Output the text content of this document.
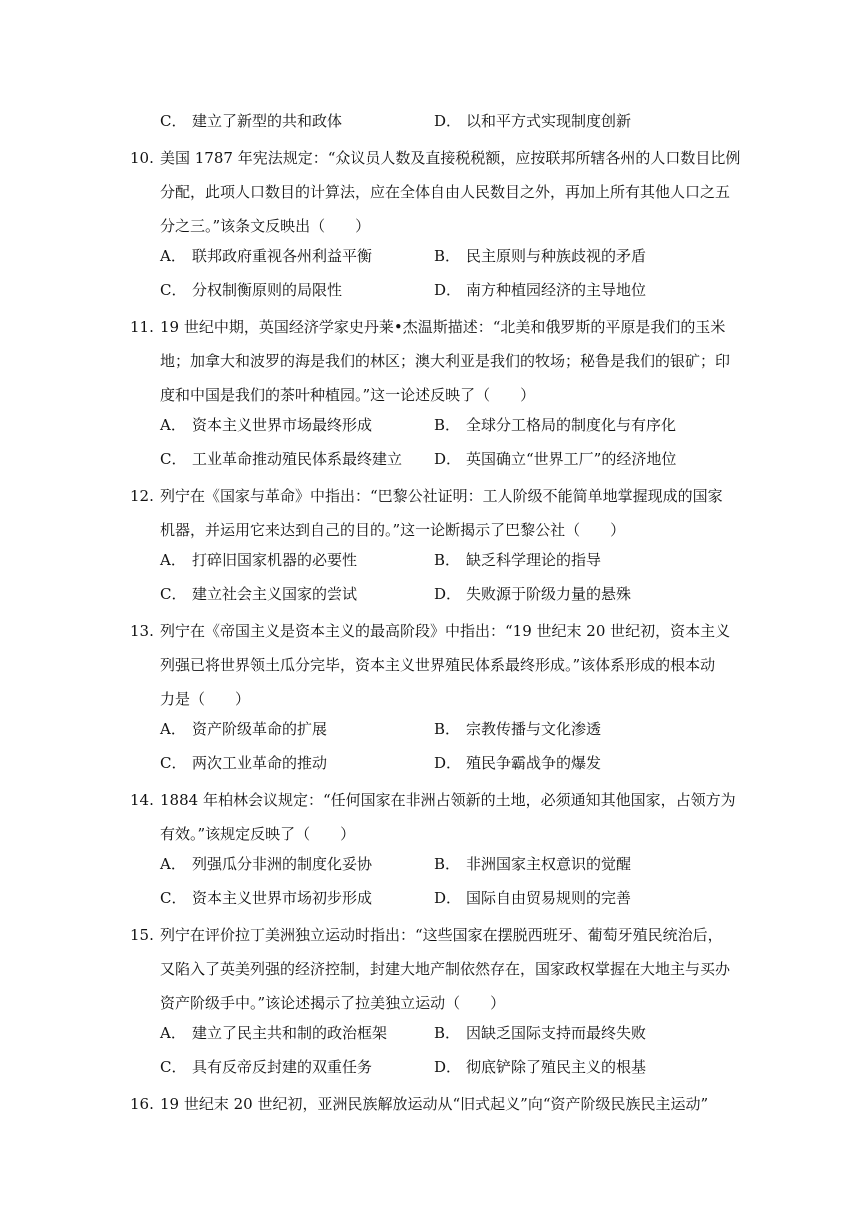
C． 建立了新型的共和政体	D． 以和平方式实现制度创新
10. 美国 1787 年宪法规定：“众议员人数及直接税税额，应按联邦所辖各州的人口数目比例
分配，此项人口数目的计算法，应在全体自由人民数目之外，再加上所有其他人口之五
分之三。”该条文反映出（　　）
A． 联邦政府重视各州利益平衡	B． 民主原则与种族歧视的矛盾
C． 分权制衡原则的局限性	D． 南方种植园经济的主导地位
11. 19 世纪中期，英国经济学家史丹莱•杰温斯描述：“北美和俄罗斯的平原是我们的玉米
地；加拿大和波罗的海是我们的林区；澳大利亚是我们的牧场；秘鲁是我们的银矿；印
度和中国是我们的茶叶种植园。”这一论述反映了（　　）
A． 资本主义世界市场最终形成	B． 全球分工格局的制度化与有序化
C． 工业革命推动殖民体系最终建立 D． 英国确立“世界工厂”的经济地位
12. 列宁在《国家与革命》中指出：“巴黎公社证明：工人阶级不能简单地掌握现成的国家
机器，并运用它来达到自己的目的。”这一论断揭示了巴黎公社（　　）
A． 打碎旧国家机器的必要性	B． 缺乏科学理论的指导
C． 建立社会主义国家的尝试	D． 失败源于阶级力量的悬殊
13. 列宁在《帝国主义是资本主义的最高阶段》中指出：“19 世纪末 20 世纪初，资本主义
列强已将世界领土瓜分完毕，资本主义世界殖民体系最终形成。”该体系形成的根本动
力是（　　）
A． 资产阶级革命的扩展	B． 宗教传播与文化渗透
C． 两次工业革命的推动	D． 殖民争霸战争的爆发
14. 1884 年柏林会议规定：“任何国家在非洲占领新的土地，必须通知其他国家，占领方为
有效。”该规定反映了（　　）
A． 列强瓜分非洲的制度化妥协	B． 非洲国家主权意识的觉醒
C． 资本主义世界市场初步形成	D． 国际自由贸易规则的完善
15. 列宁在评价拉丁美洲独立运动时指出：“这些国家在摆脱西班牙、葡萄牙殖民统治后，
又陷入了英美列强的经济控制，封建大地产制依然存在，国家政权掌握在大地主与买办
资产阶级手中。”该论述揭示了拉美独立运动（　　）
A． 建立了民主共和制的政治框架	B． 因缺乏国际支持而最终失败
C． 具有反帝反封建的双重任务	D． 彻底铲除了殖民主义的根基
16. 19 世纪末 20 世纪初，亚洲民族解放运动从“旧式起义”向“资产阶级民族民主运动”
